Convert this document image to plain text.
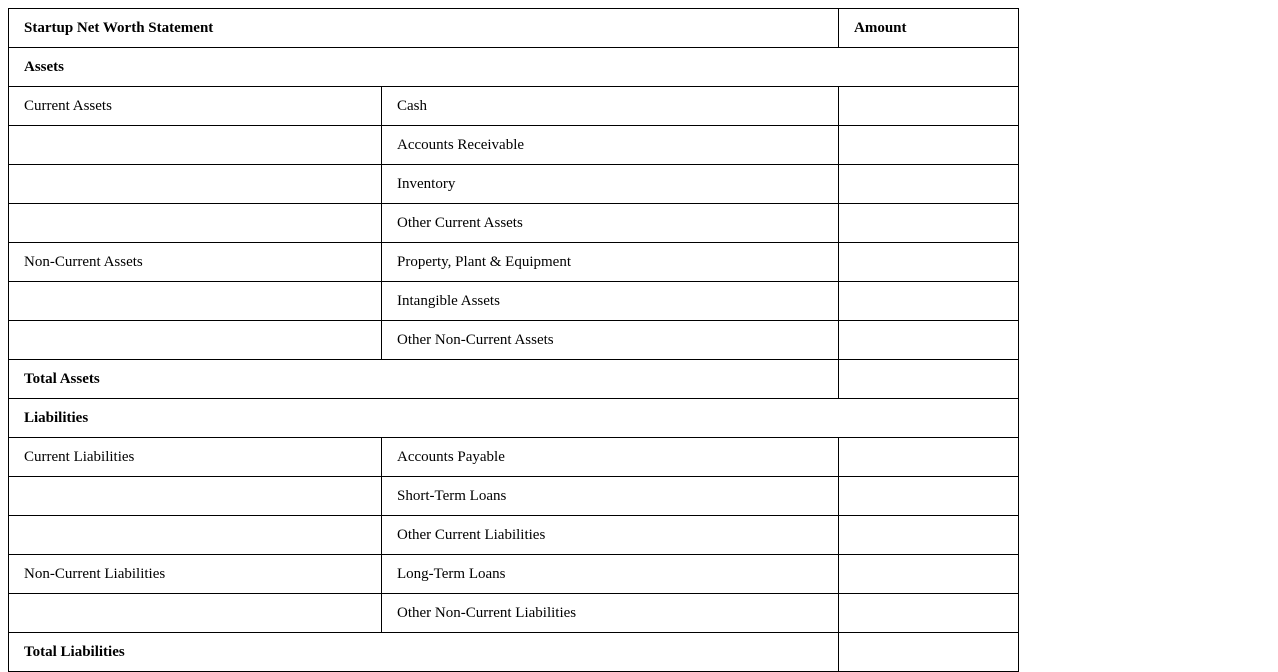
Startup Net Worth Statement		Amount
Assets		
Current Assets	Cash	
	Accounts Receivable	
	Inventory	
	Other Current Assets	
Non-Current Assets	Property, Plant & Equipment	
	Intangible Assets	
	Other Non-Current Assets	
Total Assets		
Liabilities		
Current Liabilities	Accounts Payable	
	Short-Term Loans	
	Other Current Liabilities	
Non-Current Liabilities	Long-Term Loans	
	Other Non-Current Liabilities	
Total Liabilities		
